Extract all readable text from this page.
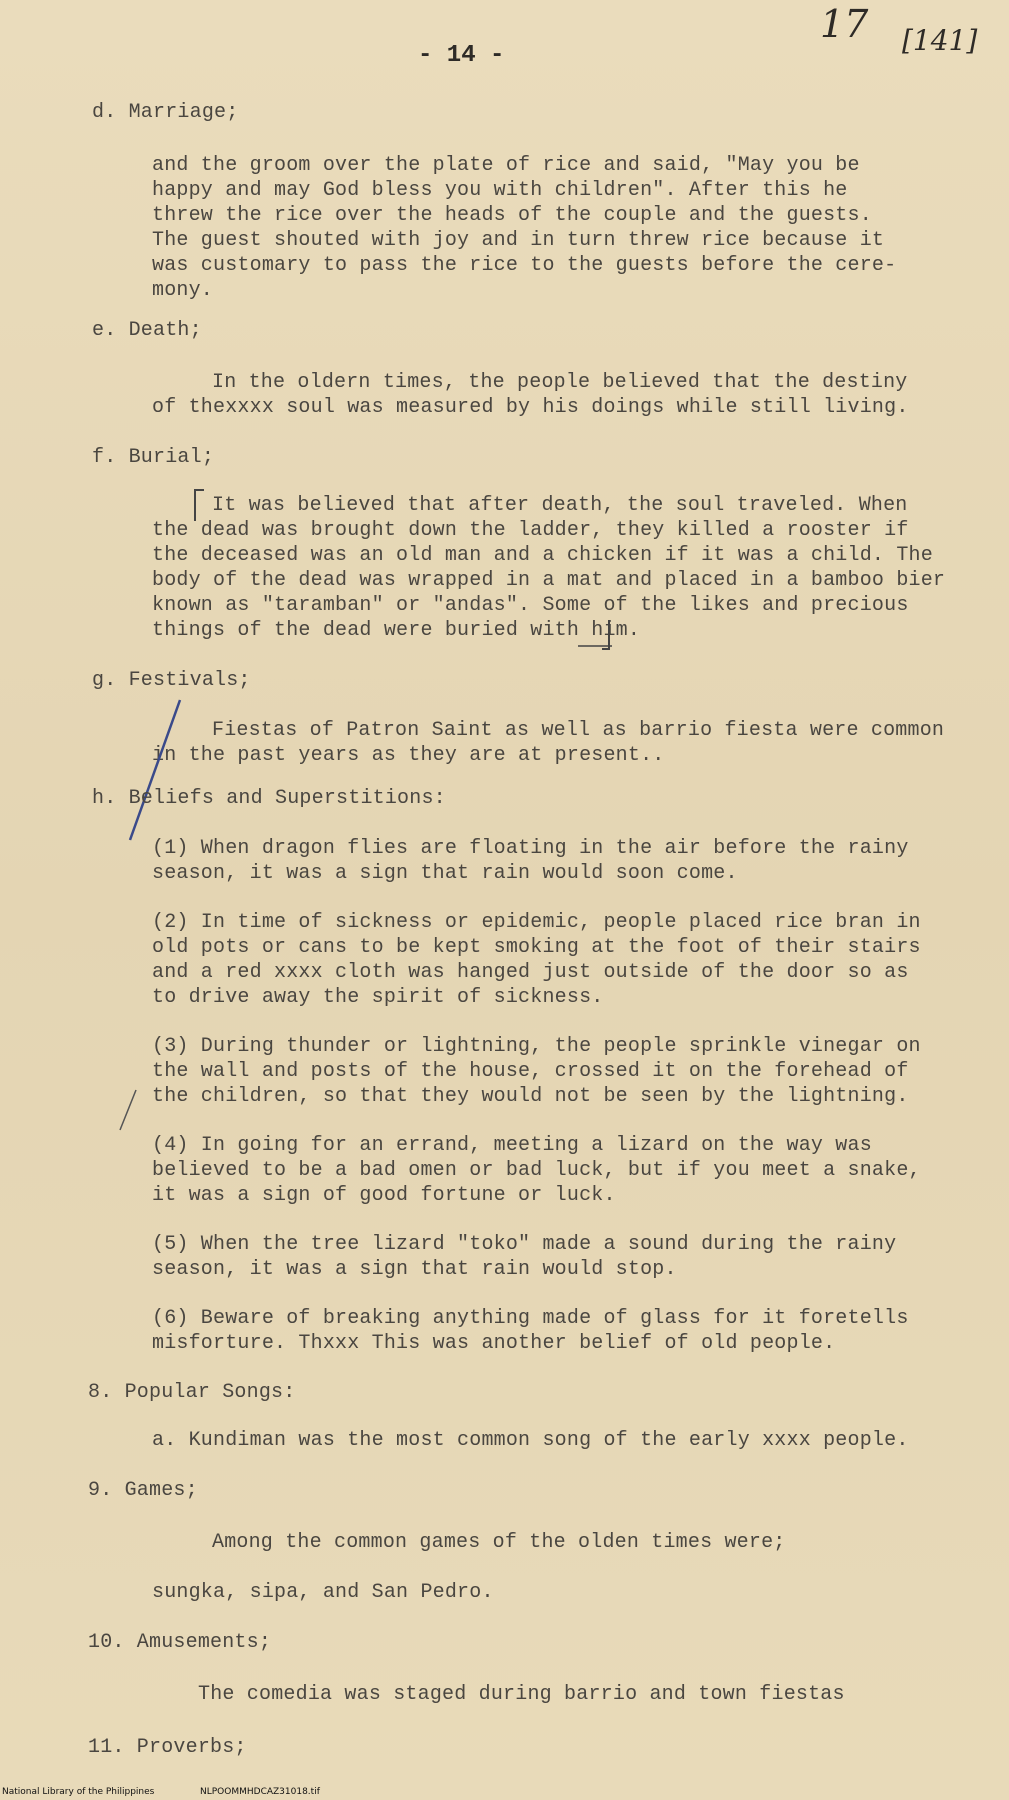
- 14 -
17 [141]
d. Marriage;
and the groom over the plate of rice and said, "May you be
happy and may God bless you with children". After this he
threw the rice over the heads of the couple and the guests.
The guest shouted with joy and in turn threw rice because it
was customary to pass the rice to the guests before the cere-
mony.
e. Death;
In the oldern times, the people believed that the destiny
of thexxxx soul was measured by his doings while still living.
f. Burial;
It was believed that after death, the soul traveled. When
the dead was brought down the ladder, they killed a rooster if
the deceased was an old man and a chicken if it was a child. The
body of the dead was wrapped in a mat and placed in a bamboo bier
known as "taramban" or "andas". Some of the likes and precious
things of the dead were buried with him.
g. Festivals;
Fiestas of Patron Saint as well as barrio fiesta were common
in the past years as they are at present..
h. Beliefs and Superstitions:
(1) When dragon flies are floating in the air before the rainy
season, it was a sign that rain would soon come.
(2) In time of sickness or epidemic, people placed rice bran in
old pots or cans to be kept smoking at the foot of their stairs
and a red xxxx cloth was hanged just outside of the door so as
to drive away the spirit of sickness.
(3) During thunder or lightning, the people sprinkle vinegar on
the wall and posts of the house, crossed it on the forehead of
the children, so that they would not be seen by the lightning.
(4) In going for an errand, meeting a lizard on the way was
believed to be a bad omen or bad luck, but if you meet a snake,
it was a sign of good fortune or luck.
(5) When the tree lizard "toko" made a sound during the rainy
season, it was a sign that rain would stop.
(6) Beware of breaking anything made of glass for it foretells
misforture. Thxxx This was another belief of old people.
8. Popular Songs:
a. Kundiman was the most common song of the early xxxx people.
9. Games;
Among the common games of the olden times were;
sungka, sipa, and San Pedro.
10. Amusements;
The comedia was staged during barrio and town fiestas
11. Proverbs;
National Library of the Philippines	NLPOOMMHDCAZ31018.tif
